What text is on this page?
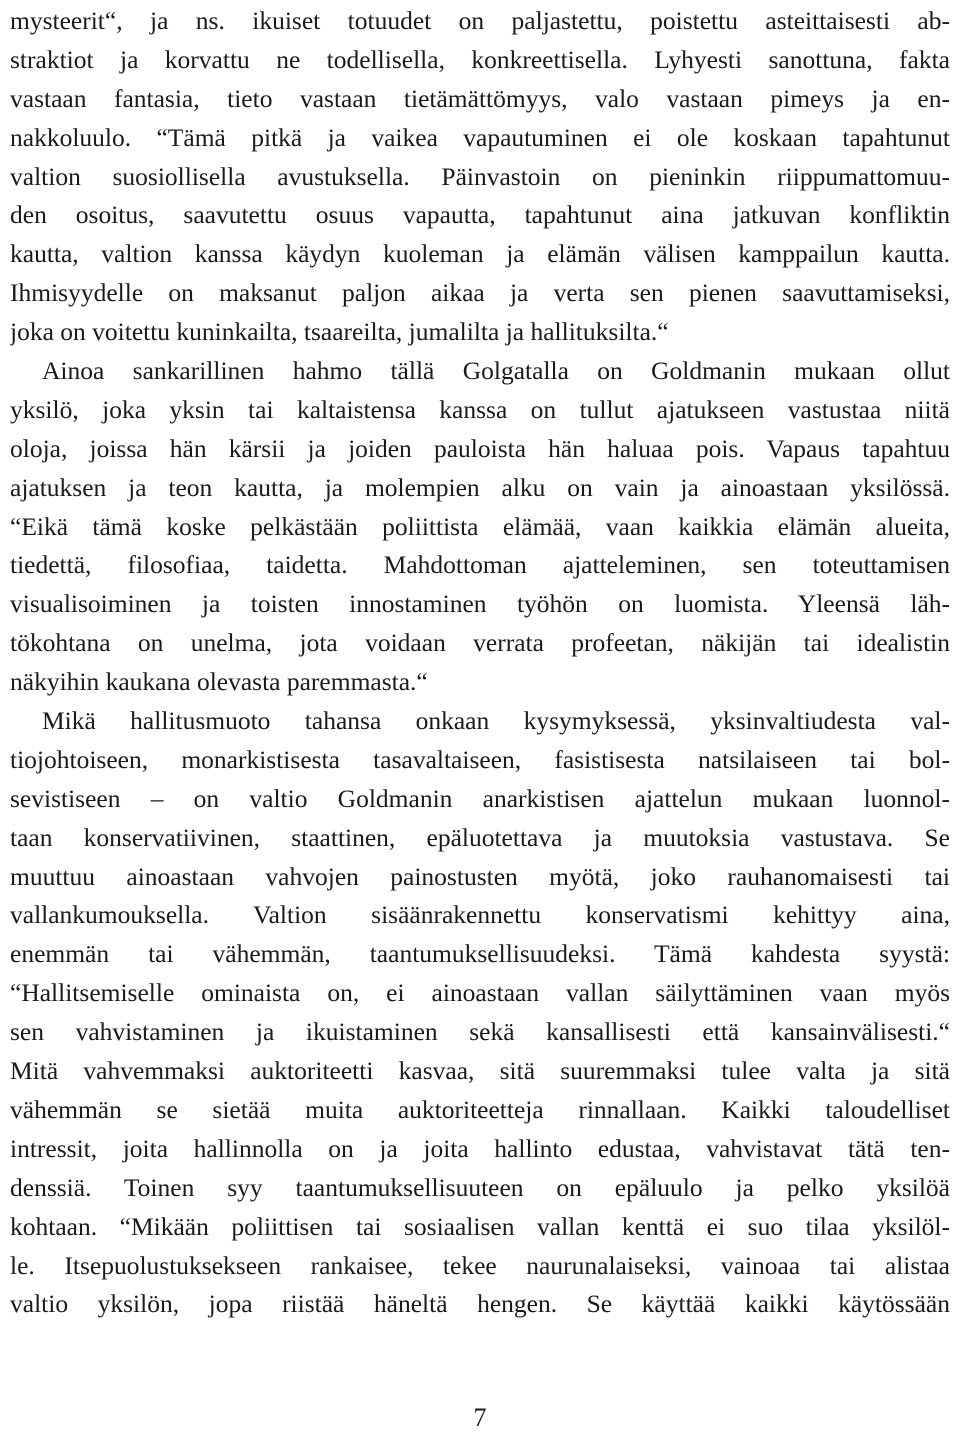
mysteerit“, ja ns. ikuiset totuudet on paljastettu, poistettu asteittaisesti ab-
straktiot ja korvattu ne todellisella, konkreettisella. Lyhyesti sanottuna, fakta
vastaan fantasia, tieto vastaan tietämättömyys, valo vastaan pimeys ja en-
nakkoluulo. “Tämä pitkä ja vaikea vapautuminen ei ole koskaan tapahtunut
valtion suosiollisella avustuksella. Päinvastoin on pieninkin riippumattomuu-
den osoitus, saavutettu osuus vapautta, tapahtunut aina jatkuvan konfliktin
kautta, valtion kanssa käydyn kuoleman ja elämän välisen kamppailun kautta.
Ihmisyydelle on maksanut paljon aikaa ja verta sen pienen saavuttamiseksi,
joka on voitettu kuninkailta, tsaareilta, jumalilta ja hallituksilta.“
Ainoa sankarillinen hahmo tällä Golgatalla on Goldmanin mukaan ollut
yksilö, joka yksin tai kaltaistensa kanssa on tullut ajatukseen vastustaa niitä
oloja, joissa hän kärsii ja joiden pauloista hän haluaa pois. Vapaus tapahtuu
ajatuksen ja teon kautta, ja molempien alku on vain ja ainoastaan yksilössä.
“Eikä tämä koske pelkästään poliittista elämää, vaan kaikkia elämän alueita,
tiedettä, filosofiaa, taidetta. Mahdottoman ajatteleminen, sen toteuttamisen
visualisoiminen ja toisten innostaminen työhön on luomista. Yleensä läh-
tökohtana on unelma, jota voidaan verrata profeetan, näkijän tai idealistin
näkyihin kaukana olevasta paremmasta.“
Mikä hallitusmuoto tahansa onkaan kysymyksessä, yksinvaltiudesta val-
tiojohtoiseen, monarkistisesta tasavaltaiseen, fasistisesta natsilaiseen tai bol-
sevistiseen – on valtio Goldmanin anarkistisen ajattelun mukaan luonnol-
taan konservatiivinen, staattinen, epäluotettava ja muutoksia vastustava. Se
muuttuu ainoastaan vahvojen painostusten myötä, joko rauhanomaisesti tai
vallankumouksella. Valtion sisäänrakennettu konservatismi kehittyy aina,
enemmän tai vähemmän, taantumuksellisuudeksi. Tämä kahdesta syystä:
“Hallitsemiselle ominaista on, ei ainoastaan vallan säilyttäminen vaan myös
sen vahvistaminen ja ikuistaminen sekä kansallisesti että kansainvälisesti.“
Mitä vahvemmaksi auktoriteetti kasvaa, sitä suuremmaksi tulee valta ja sitä
vähemmän se sietää muita auktoriteetteja rinnallaan. Kaikki taloudelliset
intressit, joita hallinnolla on ja joita hallinto edustaa, vahvistavat tätä ten-
denssiä. Toinen syy taantumuksellisuuteen on epäluulo ja pelko yksilöä
kohtaan. “Mikään poliittisen tai sosiaalisen vallan kenttä ei suo tilaa yksilöl-
le. Itsepuolustuksekseen rankaisee, tekee naurunalaiseksi, vainoaa tai alistaa
valtio yksilön, jopa riistää häneltä hengen. Se käyttää kaikki käytössään
7
